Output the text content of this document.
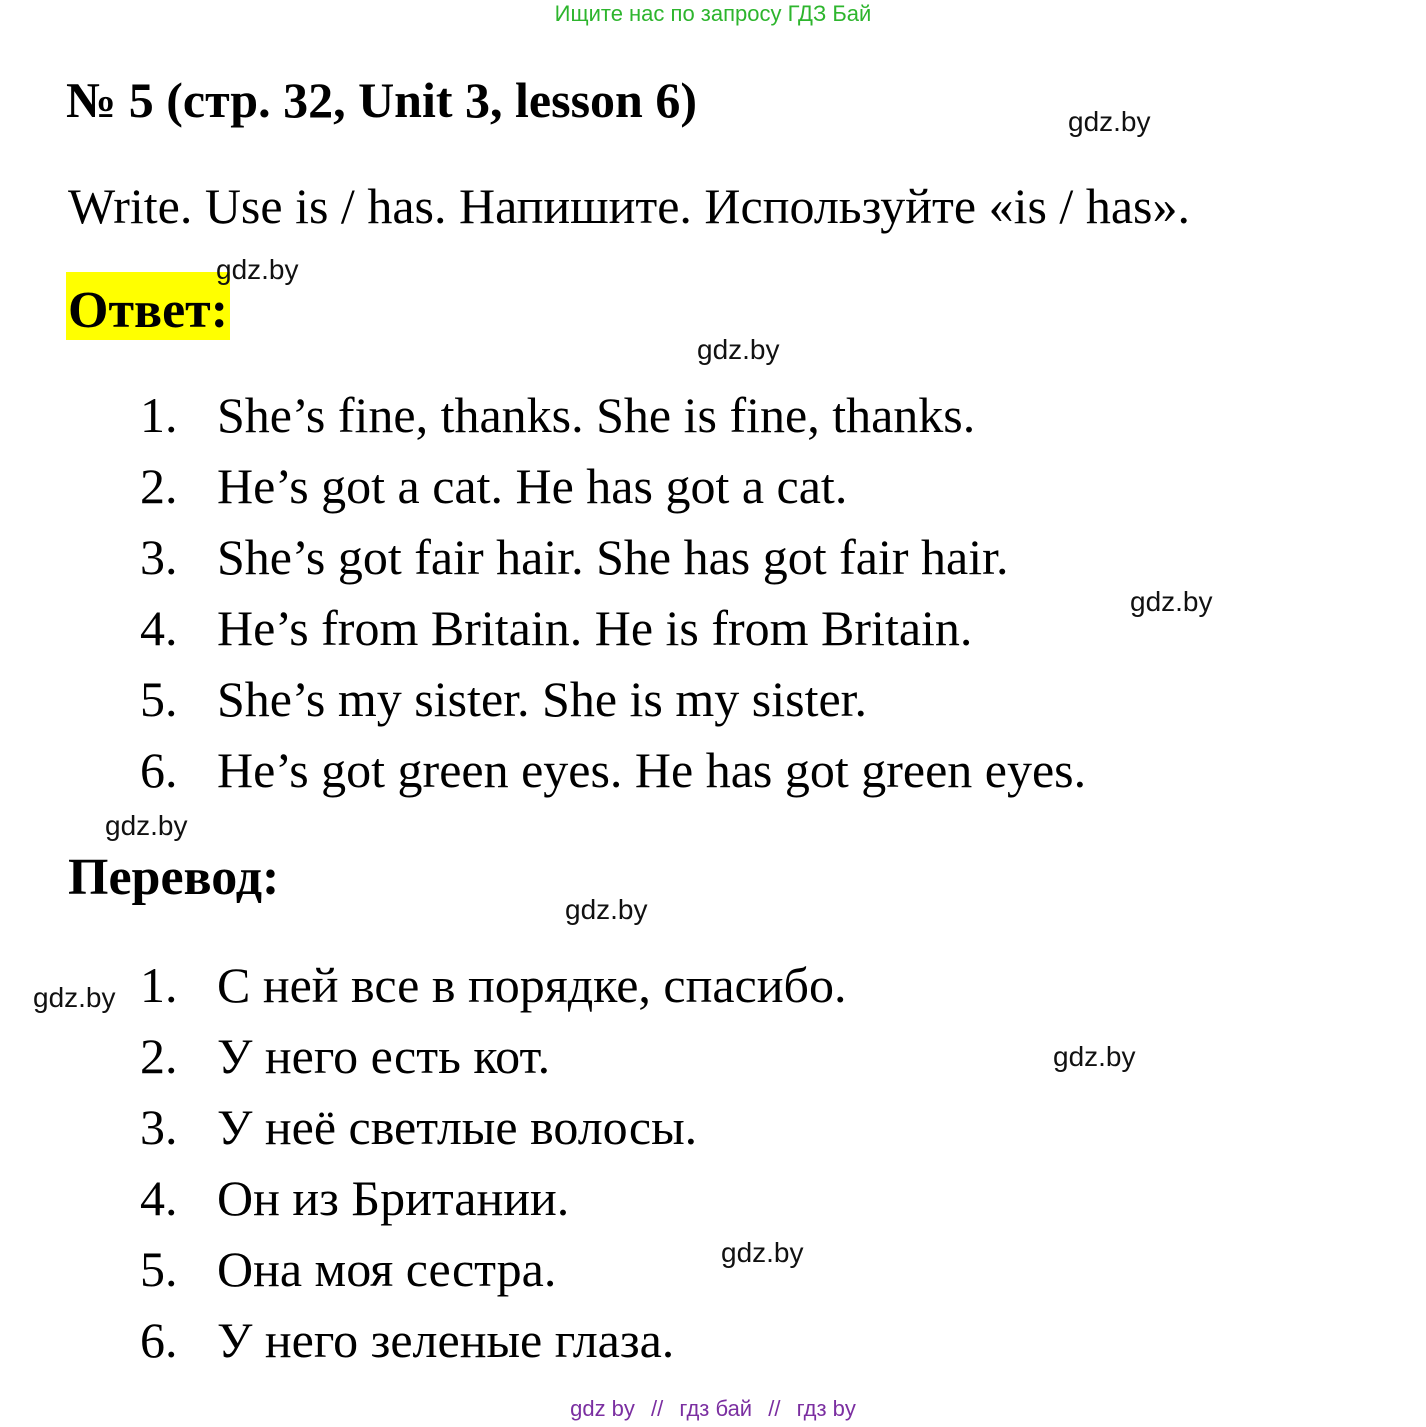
Ищите нас по запросу ГДЗ Бай
№ 5 (стр. 32, Unit 3, lesson 6)
Write. Use is / has. Напишите. Используйте «is / has».
Ответ:
1. She’s fine, thanks. She is fine, thanks.
2. He’s got a cat. He has got a cat.
3. She’s got fair hair. She has got fair hair.
4. He’s from Britain. He is from Britain.
5. She’s my sister. She is my sister.
6. He’s got green eyes. He has got green eyes.
Перевод:
1. С ней все в порядке, спасибо.
2. У него есть кот.
3. У неё светлые волосы.
4. Он из Британии.
5. Она моя сестра.
6. У него зеленые глаза.
gdz.by
gdz.by
gdz.by
gdz.by
gdz.by
gdz.by
gdz.by
gdz.by
gdz.by
gdz by // гдз бай // гдз by
